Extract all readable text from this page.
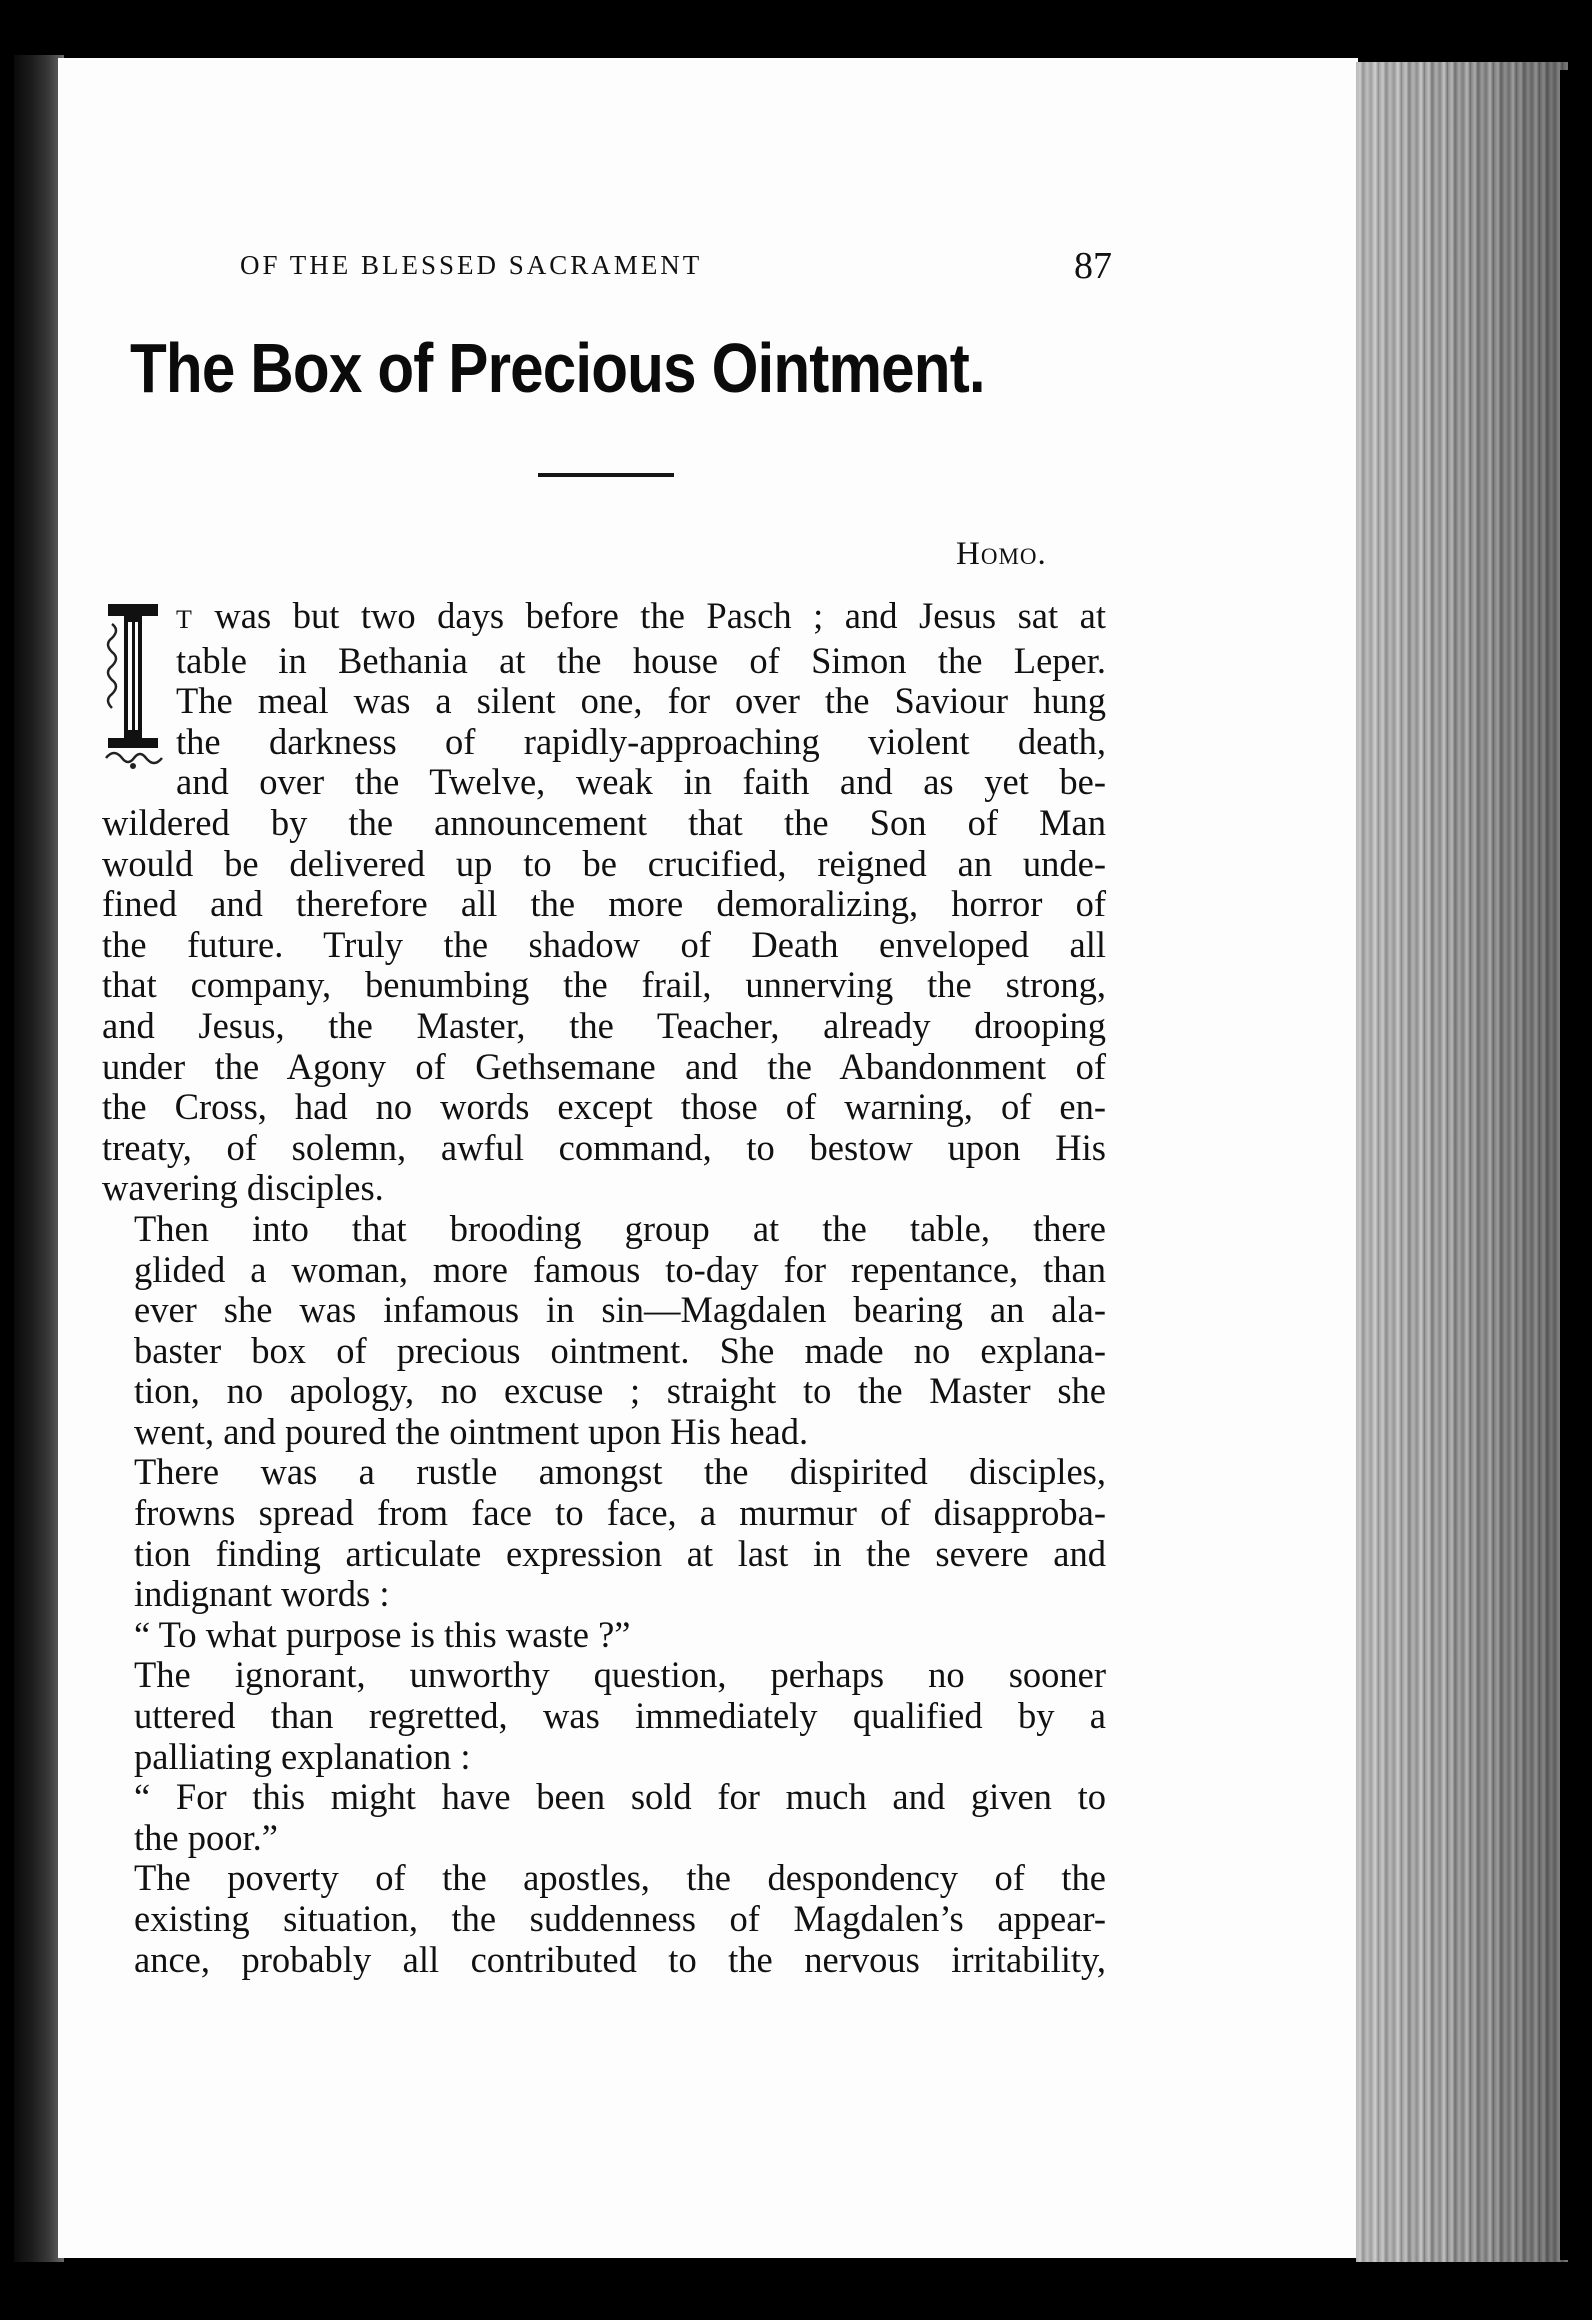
OF THE BLESSED SACRAMENT	87
The Box of Precious Ointment.
Homo.

T was but two days before the Pasch ; and Jesus sat at
table in Bethania at the house of Simon the Leper.
The meal was a silent one, for over the Saviour hung
the darkness of rapidly-approaching violent death,
and over the Twelve, weak in faith and as yet be-
wildered by the announcement that the Son of Man
would be delivered up to be crucified, reigned an unde-
fined and therefore all the more demoralizing, horror of
the future. Truly the shadow of Death enveloped all
that company, benumbing the frail, unnerving the strong,
and Jesus, the Master, the Teacher, already drooping
under the Agony of Gethsemane and the Abandonment of
the Cross, had no words except those of warning, of en-
treaty, of solemn, awful command, to bestow upon His
wavering disciples.

Then into that brooding group at the table, there
glided a woman, more famous to-day for repentance, than
ever she was infamous in sin—Magdalen bearing an ala-
baster box of precious ointment. She made no explana-
tion, no apology, no excuse ; straight to the Master she
went, and poured the ointment upon His head.

There was a rustle amongst the dispirited disciples,
frowns spread from face to face, a murmur of disapproba-
tion finding articulate expression at last in the severe and
indignant words :

“ To what purpose is this waste ?”

The ignorant, unworthy question, perhaps no sooner
uttered than regretted, was immediately qualified by a
palliating explanation :

“ For this might have been sold for much and given to
the poor.”

The poverty of the apostles, the despondency of the
existing situation, the suddenness of Magdalen’s appear-
ance, probably all contributed to the nervous irritability,
